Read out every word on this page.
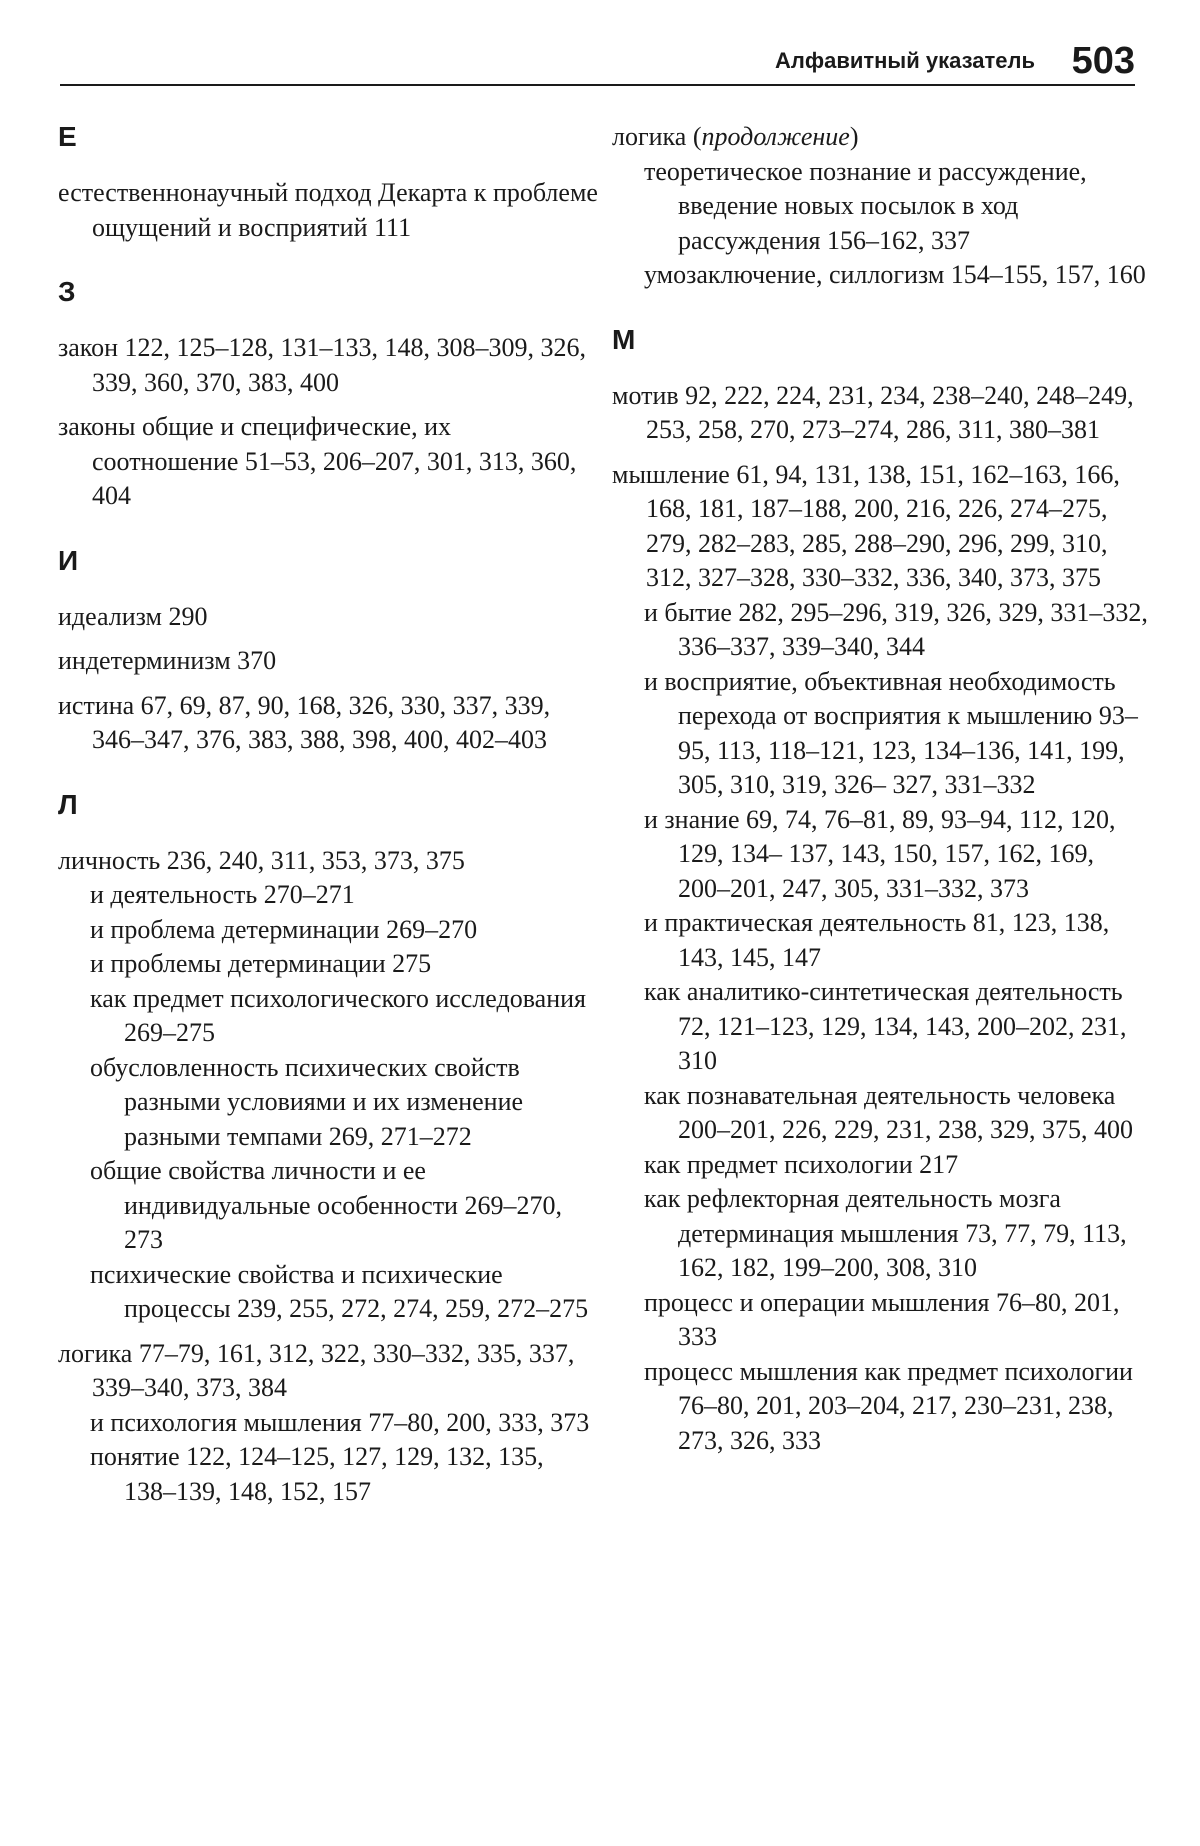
Алфавитный указатель 503
Е
естественнонаучный подход Декарта к проблеме ощущений и восприятий 111
З
закон 122, 125–128, 131–133, 148, 308–309, 326, 339, 360, 370, 383, 400
законы общие и специфические, их соотношение 51–53, 206–207, 301, 313, 360, 404
И
идеализм 290
индетерминизм 370
истина 67, 69, 87, 90, 168, 326, 330, 337, 339, 346–347, 376, 383, 388, 398, 400, 402–403
Л
личность 236, 240, 311, 353, 373, 375
и деятельность 270–271
и проблема детерминации 269–270
и проблемы детерминации 275
как предмет психологического исследования 269–275
обусловленность психических свойств разными условиями и их изменение разными темпами 269, 271–272
общие свойства личности и ее индивидуальные особенности 269–270, 273
психические свойства и психические процессы 239, 255, 272, 274, 259, 272–275
логика 77–79, 161, 312, 322, 330–332, 335, 337, 339–340, 373, 384
и психология мышления 77–80, 200, 333, 373
понятие 122, 124–125, 127, 129, 132, 135, 138–139, 148, 152, 157
логика (продолжение)
теоретическое познание и рассуждение, введение новых посылок в ход рассуждения 156–162, 337
умозаключение, силлогизм 154–155, 157, 160
М
мотив 92, 222, 224, 231, 234, 238–240, 248–249, 253, 258, 270, 273–274, 286, 311, 380–381
мышление 61, 94, 131, 138, 151, 162–163, 166, 168, 181, 187–188, 200, 216, 226, 274–275, 279, 282–283, 285, 288–290, 296, 299, 310, 312, 327–328, 330–332, 336, 340, 373, 375
и бытие 282, 295–296, 319, 326, 329, 331–332, 336–337, 339–340, 344
и восприятие, объективная необходимость перехода от восприятия к мышлению 93–95, 113, 118–121, 123, 134–136, 141, 199, 305, 310, 319, 326– 327, 331–332
и знание 69, 74, 76–81, 89, 93–94, 112, 120, 129, 134– 137, 143, 150, 157, 162, 169, 200–201, 247, 305, 331–332, 373
и практическая деятельность 81, 123, 138, 143, 145, 147
как аналитико-синтетическая деятельность 72, 121–123, 129, 134, 143, 200–202, 231, 310
как познавательная деятельность человека 200–201, 226, 229, 231, 238, 329, 375, 400
как предмет психологии 217
как рефлекторная деятельность мозга детерминация мышления 73, 77, 79, 113, 162, 182, 199–200, 308, 310
процесс и операции мышления 76–80, 201, 333
процесс мышления как предмет психологии 76–80, 201, 203–204, 217, 230–231, 238, 273, 326, 333
